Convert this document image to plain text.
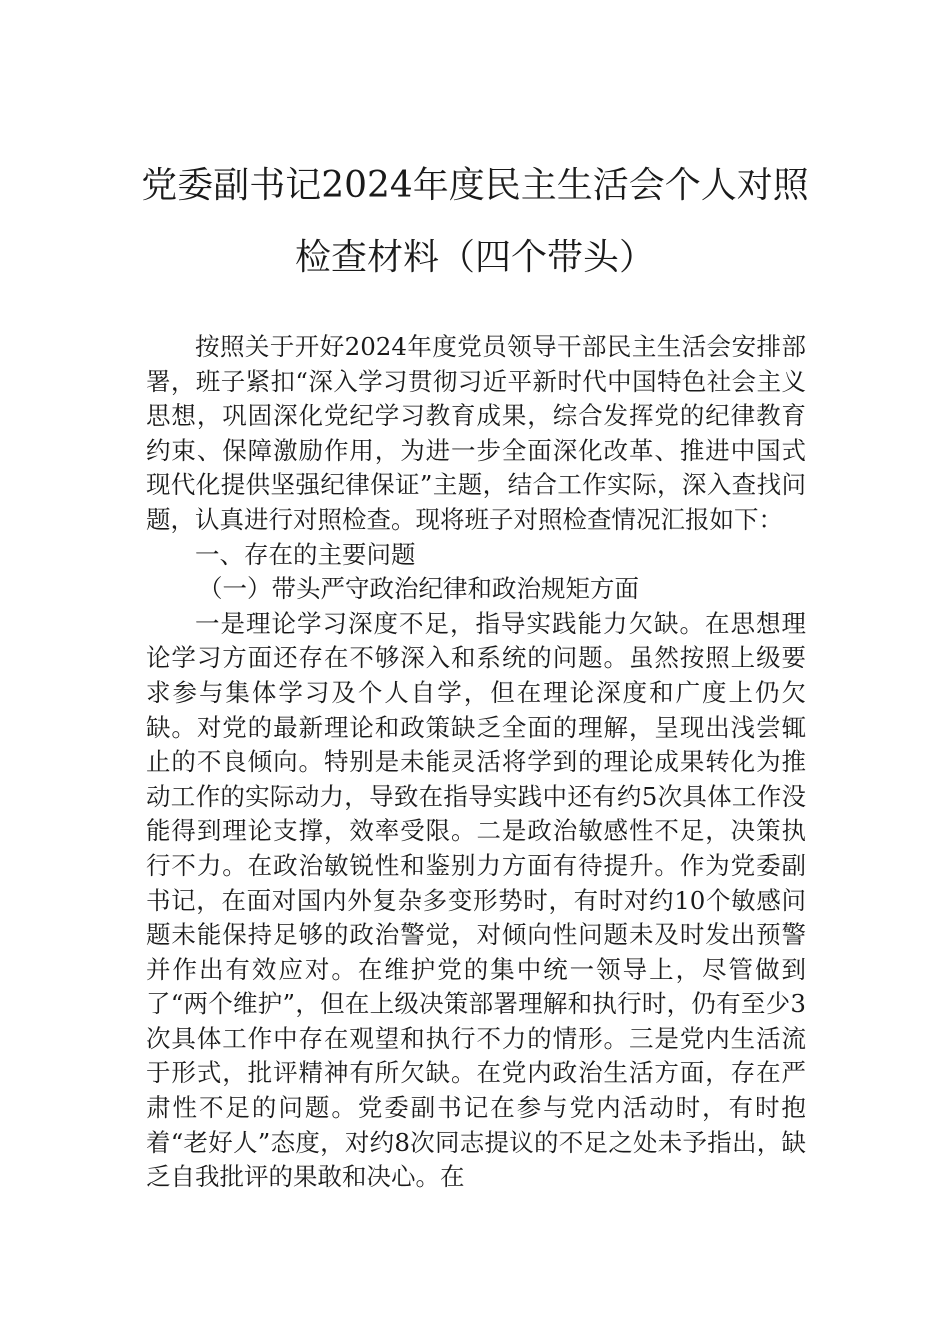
党委副书记2024年度民主生活会个人对照
检查材料（四个带头）

按照关于开好2024年度党员领导干部民主生活会安排部署，班子紧扣“深入学习贯彻习近平新时代中国特色社会主义思想，巩固深化党纪学习教育成果，综合发挥党的纪律教育约束、保障激励作用，为进一步全面深化改革、推进中国式现代化提供坚强纪律保证”主题，结合工作实际，深入查找问题，认真进行对照检查。现将班子对照检查情况汇报如下：

一、存在的主要问题

（一）带头严守政治纪律和政治规矩方面

一是理论学习深度不足，指导实践能力欠缺。在思想理论学习方面还存在不够深入和系统的问题。虽然按照上级要求参与集体学习及个人自学，但在理论深度和广度上仍欠缺。对党的最新理论和政策缺乏全面的理解，呈现出浅尝辄止的不良倾向。特别是未能灵活将学到的理论成果转化为推动工作的实际动力，导致在指导实践中还有约5次具体工作没能得到理论支撑，效率受限。二是政治敏感性不足，决策执行不力。在政治敏锐性和鉴别力方面有待提升。作为党委副书记，在面对国内外复杂多变形势时，有时对约10个敏感问题未能保持足够的政治警觉，对倾向性问题未及时发出预警并作出有效应对。在维护党的集中统一领导上，尽管做到了“两个维护”，但在上级决策部署理解和执行时，仍有至少3次具体工作中存在观望和执行不力的情形。三是党内生活流于形式，批评精神有所欠缺。在党内政治生活方面，存在严肃性不足的问题。党委副书记在参与党内活动时，有时抱着“老好人”态度，对约8次同志提议的不足之处未予指出，缺乏自我批评的果敢和决心。在
